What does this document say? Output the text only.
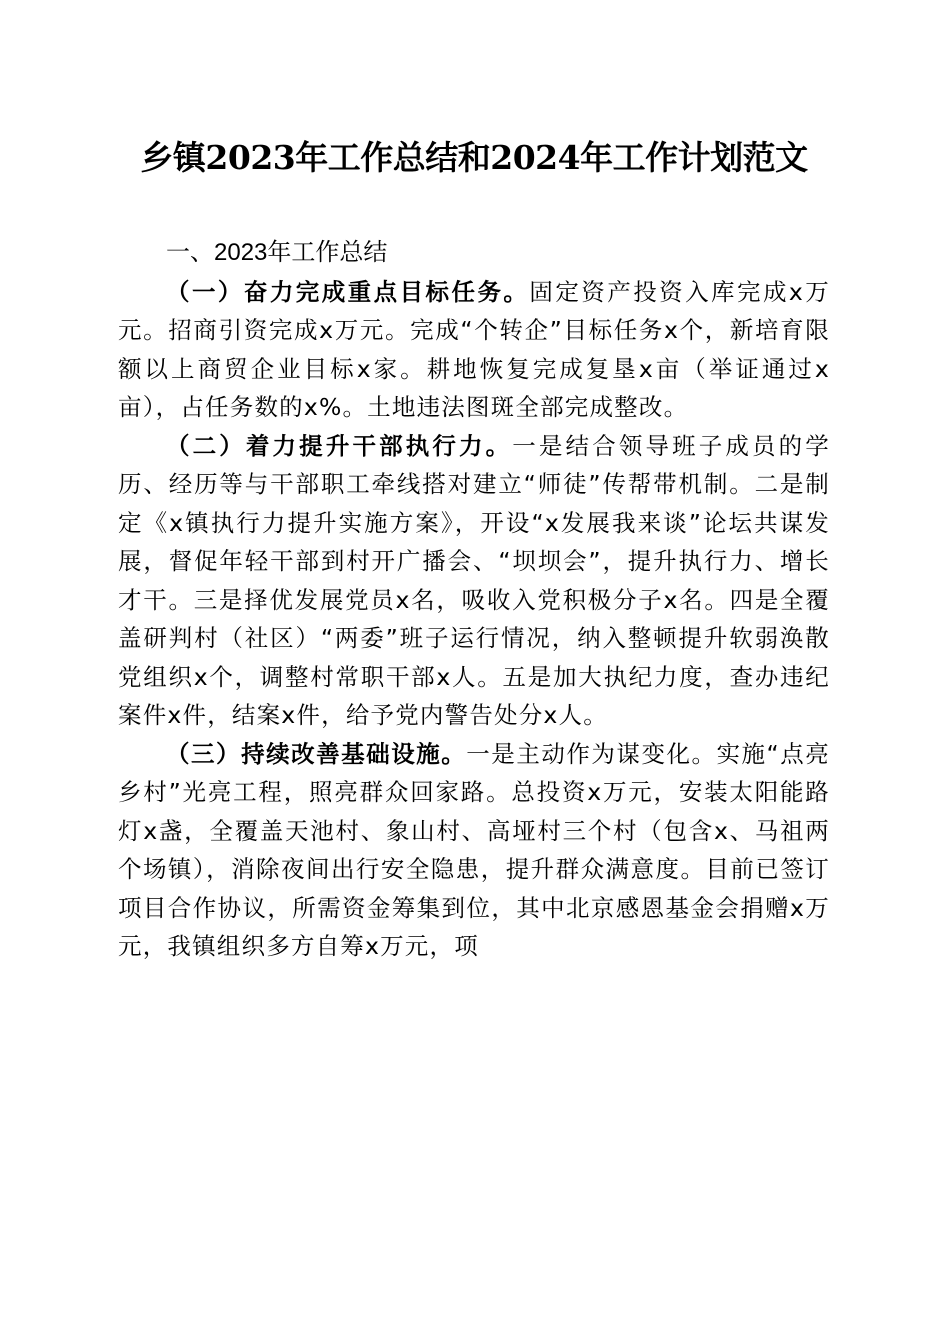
乡镇2023年工作总结和2024年工作计划范文

一、2023年工作总结

（一）奋力完成重点目标任务。固定资产投资入库完成x万元。招商引资完成x万元。完成“个转企”目标任务x个，新培育限额以上商贸企业目标x家。耕地恢复完成复垦x亩（举证通过x亩），占任务数的x%。土地违法图斑全部完成整改。

（二）着力提升干部执行力。一是结合领导班子成员的学历、经历等与干部职工牵线搭对建立“师徒”传帮带机制。二是制定《x镇执行力提升实施方案》，开设“x发展我来谈”论坛共谋发展，督促年轻干部到村开广播会、“坝坝会”，提升执行力、增长才干。三是择优发展党员x名，吸收入党积极分子x名。四是全覆盖研判村（社区）“两委”班子运行情况，纳入整顿提升软弱涣散党组织x个，调整村常职干部x人。五是加大执纪力度，查办违纪案件x件，结案x件，给予党内警告处分x人。

（三）持续改善基础设施。一是主动作为谋变化。实施“点亮乡村”光亮工程，照亮群众回家路。总投资x万元，安装太阳能路灯x盏，全覆盖天池村、象山村、高垭村三个村（包含x、马祖两个场镇），消除夜间出行安全隐患，提升群众满意度。目前已签订项目合作协议，所需资金筹集到位，其中北京感恩基金会捐赠x万元，我镇组织多方自筹x万元，项
